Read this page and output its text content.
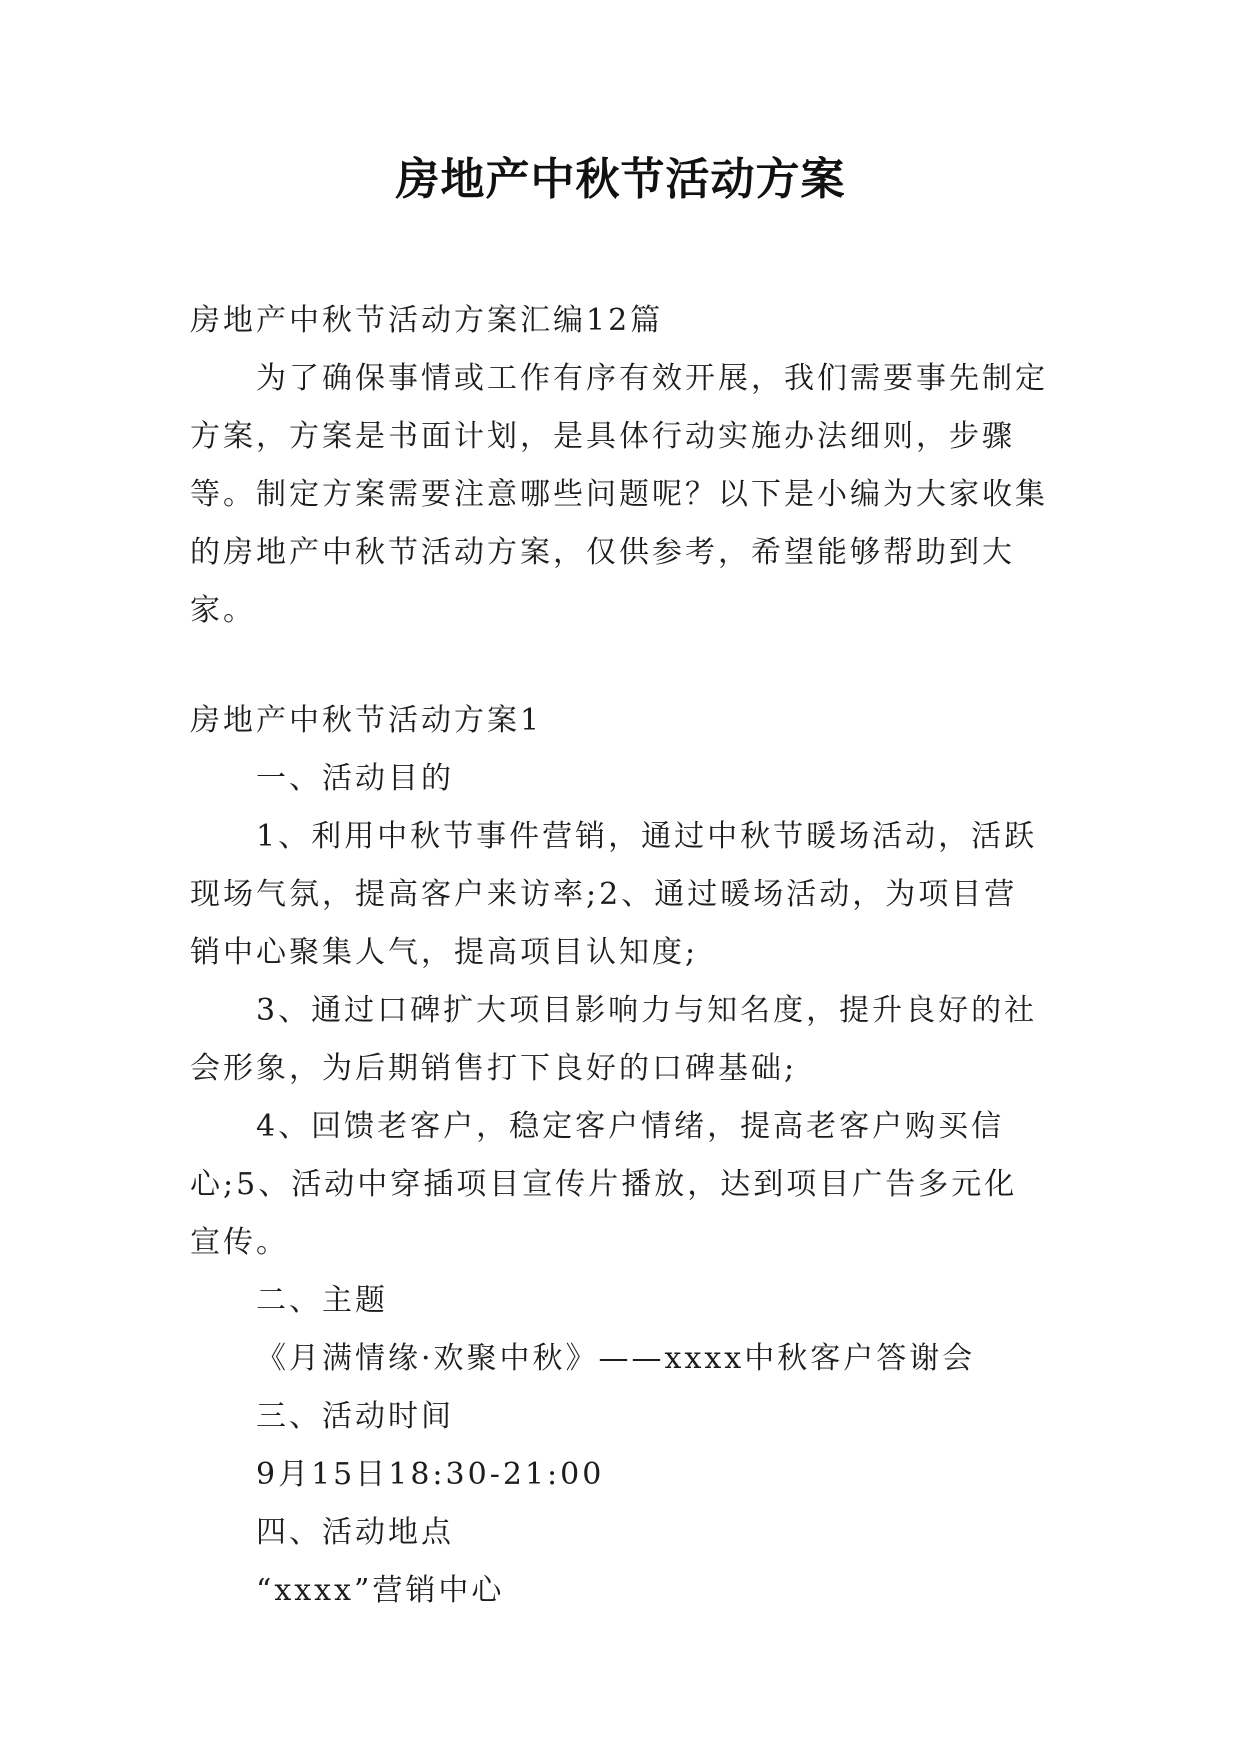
房地产中秋节活动方案

房地产中秋节活动方案汇编12篇

为了确保事情或工作有序有效开展，我们需要事先制定方案，方案是书面计划，是具体行动实施办法细则，步骤等。制定方案需要注意哪些问题呢？以下是小编为大家收集的房地产中秋节活动方案，仅供参考，希望能够帮助到大家。

房地产中秋节活动方案1

一、活动目的

1、利用中秋节事件营销，通过中秋节暖场活动，活跃现场气氛，提高客户来访率;2、通过暖场活动，为项目营销中心聚集人气，提高项目认知度;

3、通过口碑扩大项目影响力与知名度，提升良好的社会形象，为后期销售打下良好的口碑基础;

4、回馈老客户，稳定客户情绪，提高老客户购买信心;5、活动中穿插项目宣传片播放，达到项目广告多元化宣传。

二、主题

《月满情缘·欢聚中秋》——xxxx中秋客户答谢会

三、活动时间

9月15日18:30-21:00

四、活动地点

“xxxx”营销中心
